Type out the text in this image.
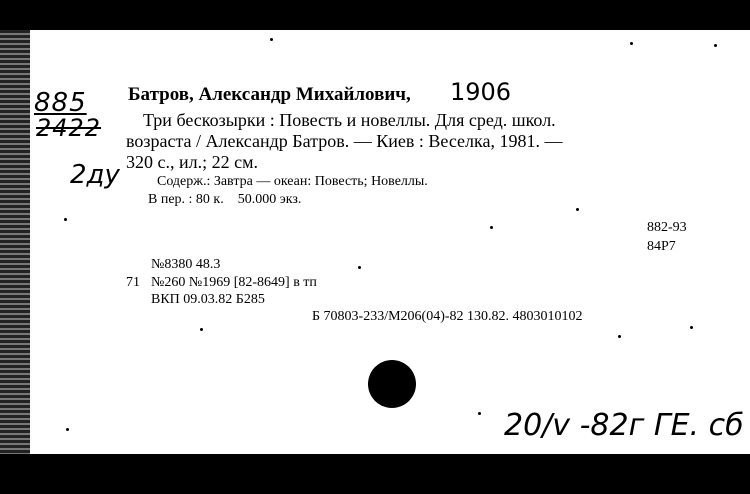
885
2422
2ду
Батров, Александр Михайлович, 1906
Три бескозырки : Повесть и новеллы. Для сред. школ.
возраста / Александр Батров. — Киев : Веселка, 1981. —
320 с., ил.; 22 см.
Содерж.: Завтра — океан: Повесть; Новеллы.
В пер. : 80 к.    50.000 экз.
882-93
84Р7
№8380 48.3
71 №260 №1969 [82-8649] в тп
ВКП 09.03.82 Б285
Б 70803-233/М206(04)-82 130.82. 4803010102
20/v -82г ГЕ. сб
